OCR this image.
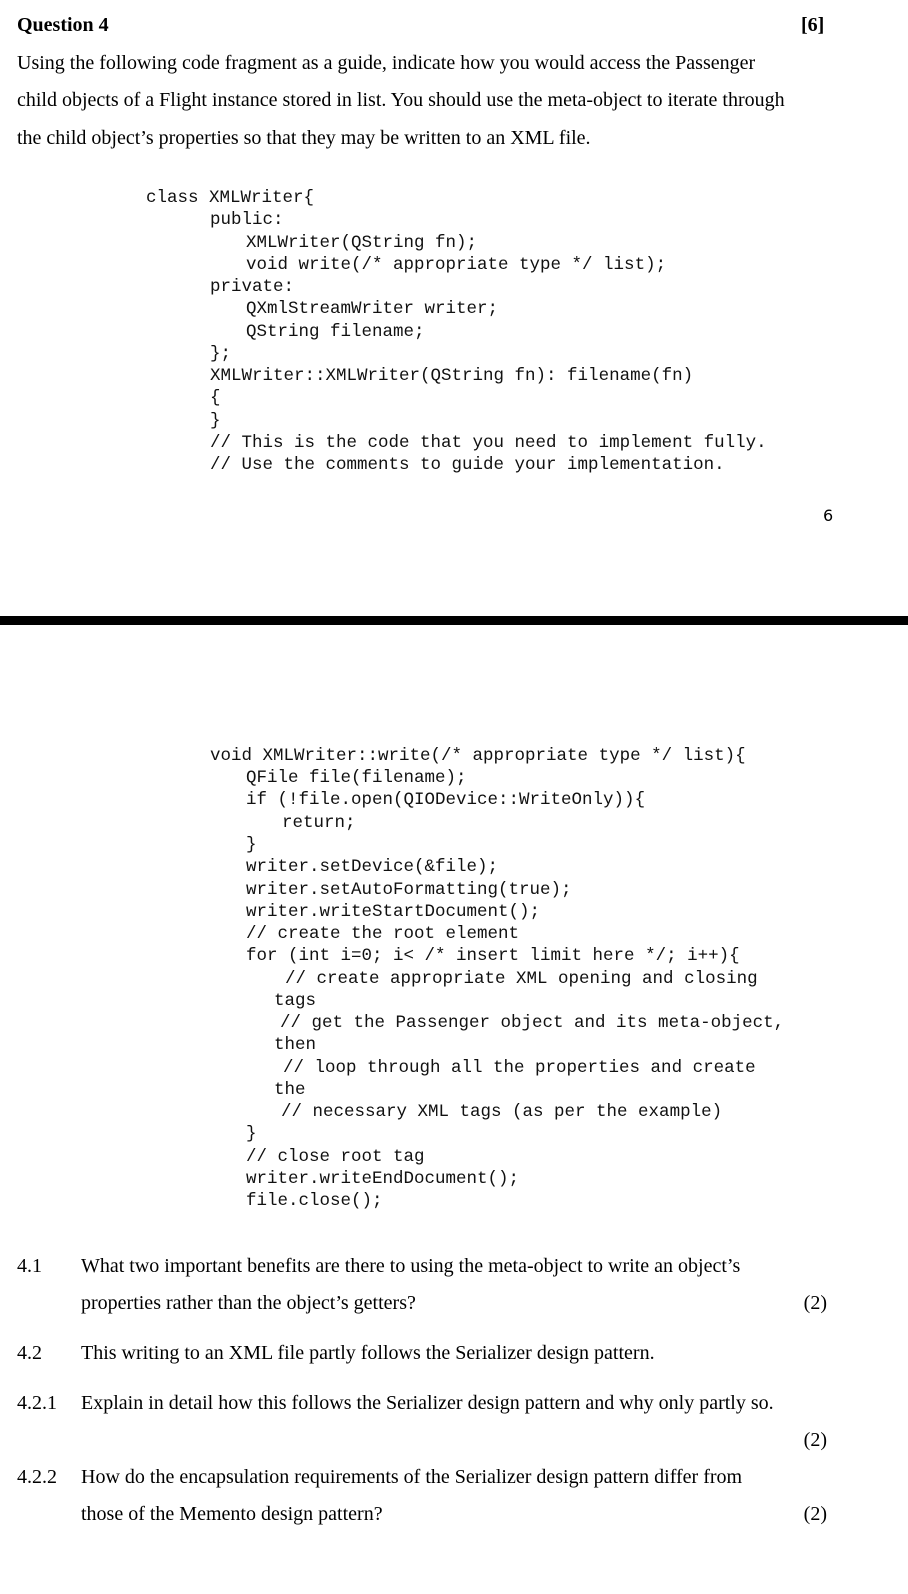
Question 4	[6]
Using the following code fragment as a guide, indicate how you would access the Passenger
child objects of a Flight instance stored in list. You should use the meta-object to iterate through
the child object’s properties so that they may be written to an XML file.
class XMLWriter{
public:
XMLWriter(QString fn);
void write(/* appropriate type */ list);
private:
QXmlStreamWriter writer;
QString filename;
};
XMLWriter::XMLWriter(QString fn): filename(fn)
{
}
// This is the code that you need to implement fully.
// Use the comments to guide your implementation.
6
void XMLWriter::write(/* appropriate type */ list){
QFile file(filename);
if (!file.open(QIODevice::WriteOnly)){
return;
}
writer.setDevice(&file);
writer.setAutoFormatting(true);
writer.writeStartDocument();
// create the root element
for (int i=0; i< /* insert limit here */; i++){
// create appropriate XML opening and closing
tags
// get the Passenger object and its meta-object,
then
// loop through all the properties and create
the
// necessary XML tags (as per the example)
}
// close root tag
writer.writeEndDocument();
file.close();
4.1 What two important benefits are there to using the meta-object to write an object’s
properties rather than the object’s getters?	(2)
4.2 This writing to an XML file partly follows the Serializer design pattern.
4.2.1 Explain in detail how this follows the Serializer design pattern and why only partly so.
(2)
4.2.2 How do the encapsulation requirements of the Serializer design pattern differ from
those of the Memento design pattern?	(2)
